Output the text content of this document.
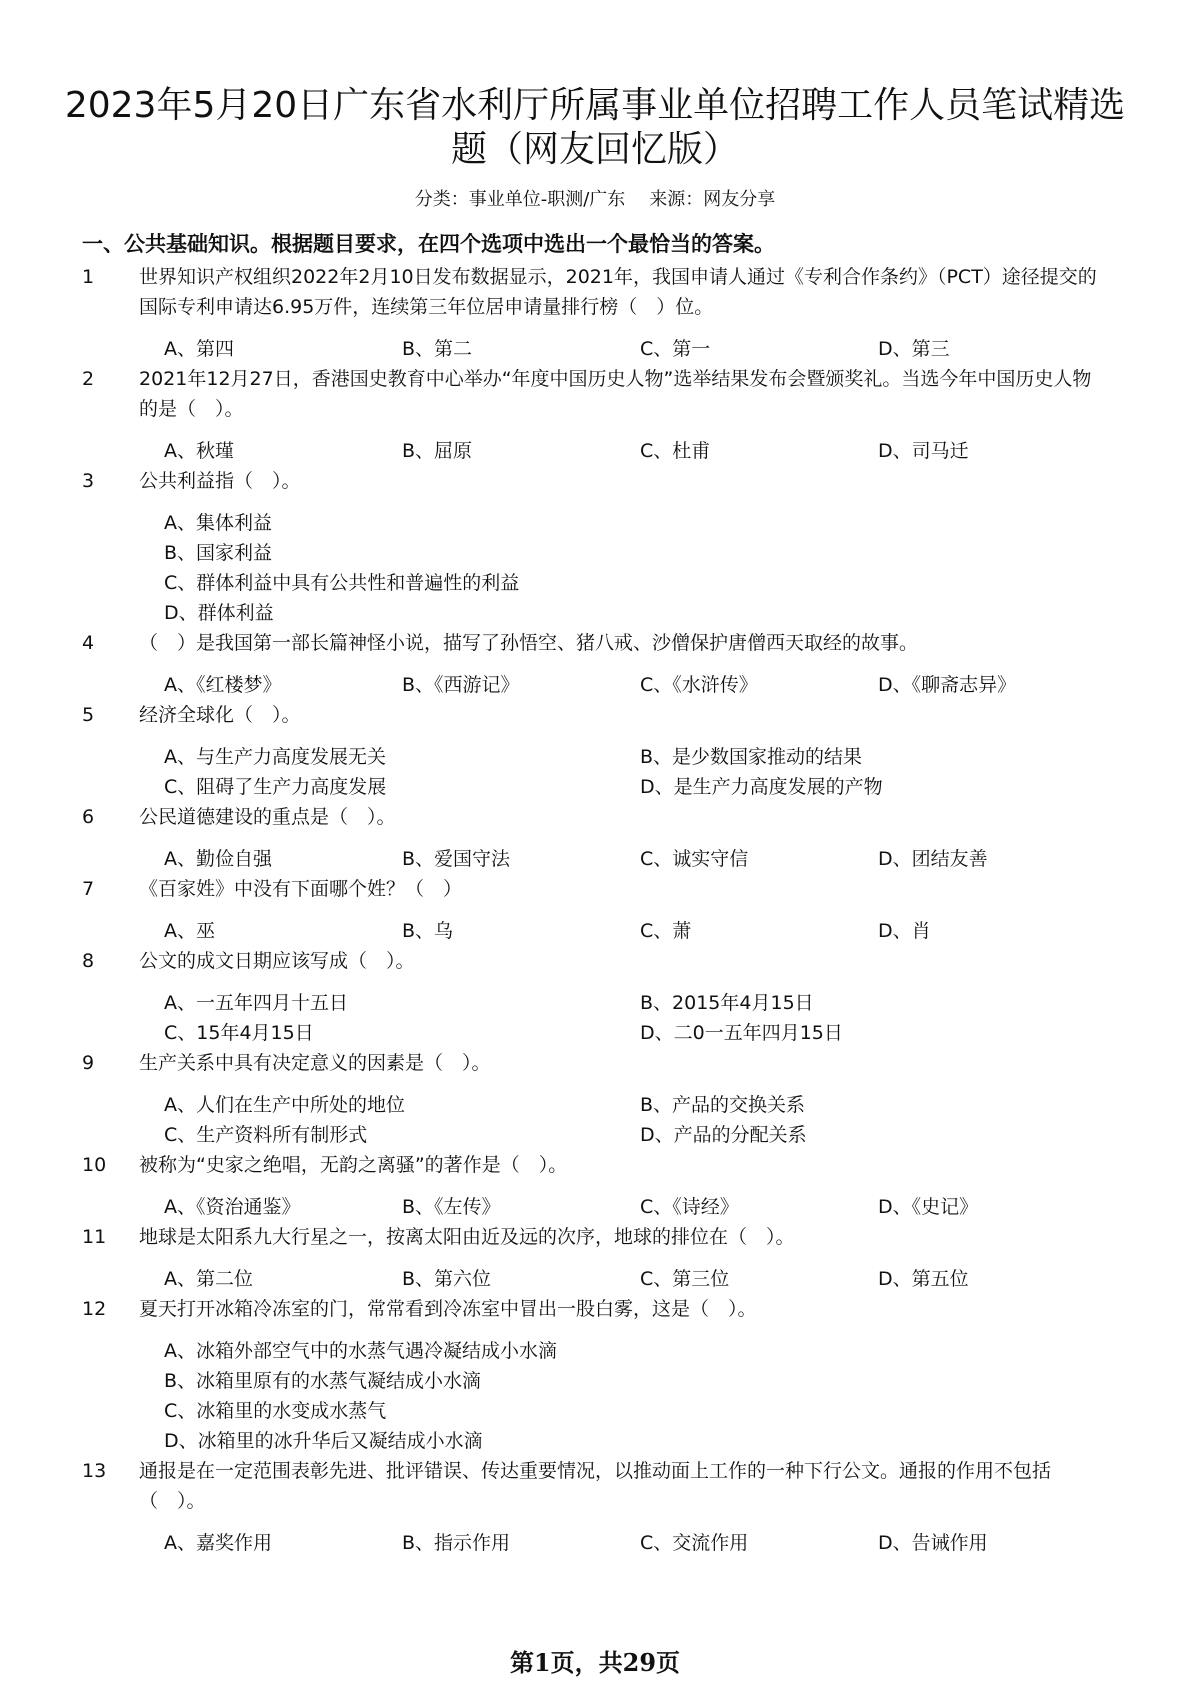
2023年5月20日广东省水利厅所属事业单位招聘工作人员笔试精选题（网友回忆版）
分类：事业单位-职测/广东 来源：网友分享
一、公共基础知识。根据题目要求，在四个选项中选出一个最恰当的答案。
1	世界知识产权组织2022年2月10日发布数据显示，2021年，我国申请人通过《专利合作条约》（PCT）途径提交的国际专利申请达6.95万件，连续第三年位居申请量排行榜（　）位。
A、第四	B、第二	C、第一	D、第三
2	2021年12月27日，香港国史教育中心举办“年度中国历史人物”选举结果发布会暨颁奖礼。当选今年中国历史人物的是（　）。
A、秋瑾	B、屈原	C、杜甫	D、司马迁
3	公共利益指（　）。
A、集体利益
B、国家利益
C、群体利益中具有公共性和普遍性的利益
D、群体利益
4	（　）是我国第一部长篇神怪小说，描写了孙悟空、猪八戒、沙僧保护唐僧西天取经的故事。
A、《红楼梦》	B、《西游记》	C、《水浒传》	D、《聊斋志异》
5	经济全球化（　）。
A、与生产力高度发展无关	B、是少数国家推动的结果
C、阻碍了生产力高度发展	D、是生产力高度发展的产物
6	公民道德建设的重点是（　）。
A、勤俭自强	B、爱国守法	C、诚实守信	D、团结友善
7	《百家姓》中没有下面哪个姓？（　）
A、巫	B、乌	C、萧	D、肖
8	公文的成文日期应该写成（　）。
A、一五年四月十五日	B、2015年4月15日
C、15年4月15日	D、二0一五年四月15日
9	生产关系中具有决定意义的因素是（　）。
A、人们在生产中所处的地位	B、产品的交换关系
C、生产资料所有制形式	D、产品的分配关系
10	被称为“史家之绝唱，无韵之离骚”的著作是（　）。
A、《资治通鉴》	B、《左传》	C、《诗经》	D、《史记》
11	地球是太阳系九大行星之一，按离太阳由近及远的次序，地球的排位在（　）。
A、第二位	B、第六位	C、第三位	D、第五位
12	夏天打开冰箱冷冻室的门，常常看到冷冻室中冒出一股白雾，这是（　）。
A、冰箱外部空气中的水蒸气遇冷凝结成小水滴
B、冰箱里原有的水蒸气凝结成小水滴
C、冰箱里的水变成水蒸气
D、冰箱里的冰升华后又凝结成小水滴
13	通报是在一定范围表彰先进、批评错误、传达重要情况，以推动面上工作的一种下行公文。通报的作用不包括（　）。
A、嘉奖作用	B、指示作用	C、交流作用	D、告诫作用
第1页，共29页
